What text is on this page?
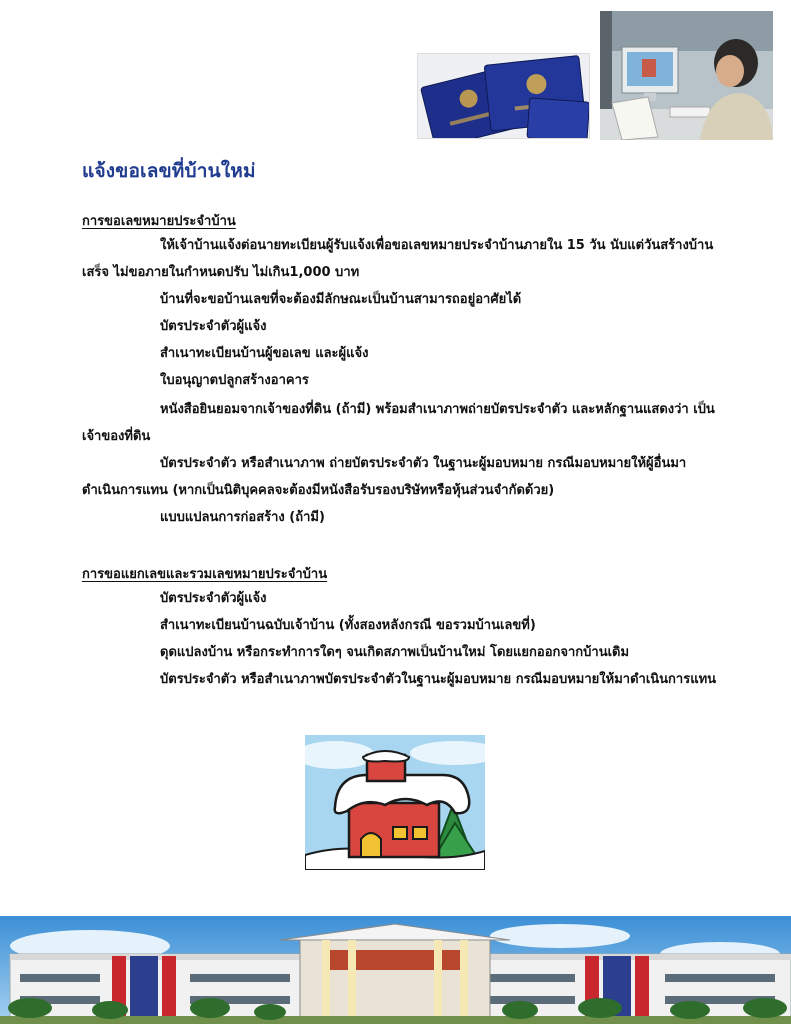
แจ้งขอเลขที่บ้านใหม่
การขอเลขหมายประจำบ้าน

ให้เจ้าบ้านแจ้งต่อนายทะเบียนผู้รับแจ้งเพื่อขอเลขหมายประจำบ้านภายใน 15 วัน นับแต่วันสร้างบ้าน

เสร็จ ไม่ขอภายในกำหนดปรับ ไม่เกิน1,000 บาท

บ้านที่จะขอบ้านเลขที่จะต้องมีลักษณะเป็นบ้านสามารถอยู่อาศัยได้

บัตรประจำตัวผู้แจ้ง

สำเนาทะเบียนบ้านผู้ขอเลข และผู้แจ้ง

ใบอนุญาตปลูกสร้างอาคาร

หนังสือยินยอมจากเจ้าของที่ดิน (ถ้ามี) พร้อมสำเนาภาพถ่ายบัตรประจำตัว และหลักฐานแสดงว่า เป็น

เจ้าของที่ดิน

บัตรประจำตัว หรือสำเนาภาพ ถ่ายบัตรประจำตัว ในฐานะผู้มอบหมาย กรณีมอบหมายให้ผู้อื่นมา

ดำเนินการแทน (หากเป็นนิติบุคคลจะต้องมีหนังสือรับรองบริษัทหรือหุ้นส่วนจำกัดด้วย)

แบบแปลนการก่อสร้าง (ถ้ามี)

การขอแยกเลขและรวมเลขหมายประจำบ้าน

บัตรประจำตัวผู้แจ้ง

สำเนาทะเบียนบ้านฉบับเจ้าบ้าน (ทั้งสองหลังกรณี ขอรวมบ้านเลขที่)

ดุดแปลงบ้าน หรือกระทำการใดๆ จนเกิดสภาพเป็นบ้านใหม่ โดยแยกออกจากบ้านเดิม

บัตรประจำตัว หรือสำเนาภาพบัตรประจำตัวในฐานะผู้มอบหมาย กรณีมอบหมายให้มาดำเนินการแทน
